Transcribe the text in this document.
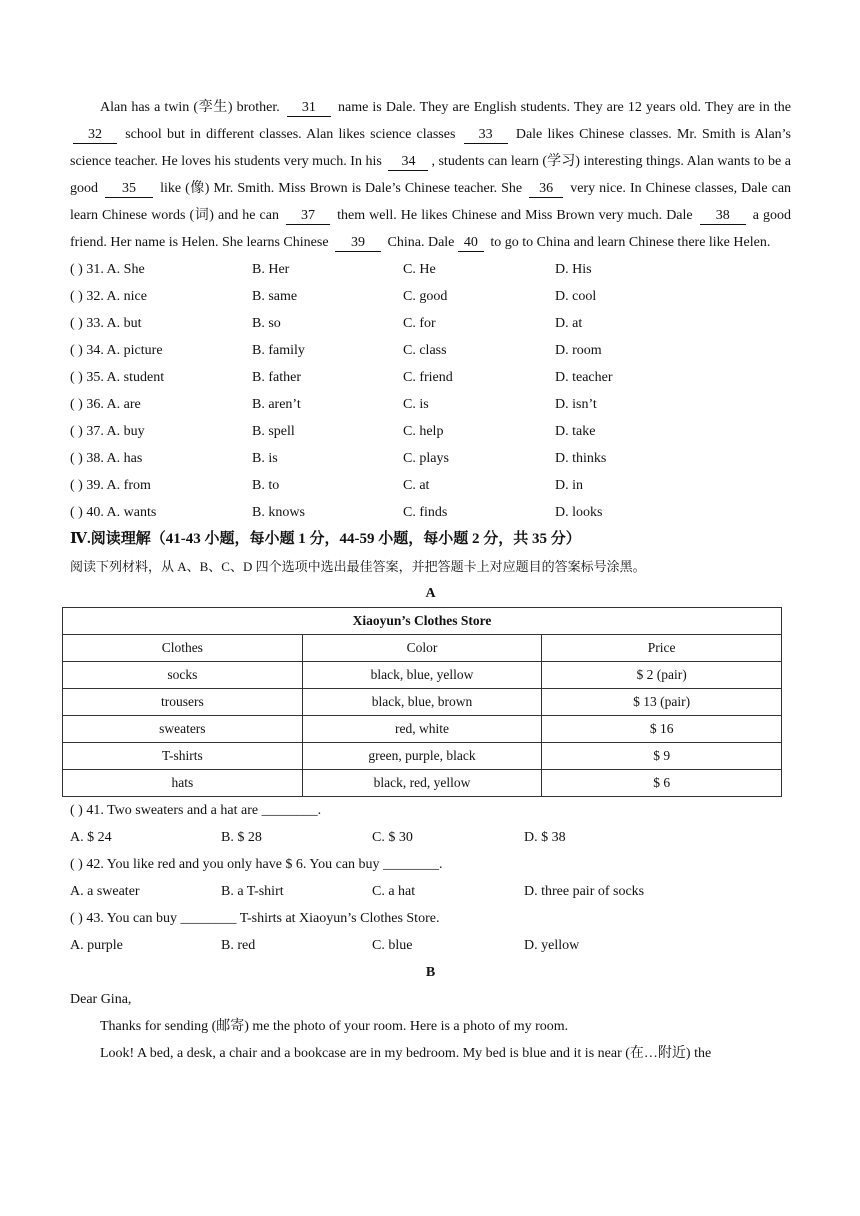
Alan has a twin (孪生) brother. 31 name is Dale. They are English students. They are 12 years old. They are in the 32 school but in different classes. Alan likes science classes 33 Dale likes Chinese classes. Mr. Smith is Alan’s science teacher. He loves his students very much. In his 34 , students can learn (学习) interesting things. Alan wants to be a good 35 like (像) Mr. Smith. Miss Brown is Dale’s Chinese teacher. She 36 very nice. In Chinese classes, Dale can learn Chinese words (词) and he can 37 them well. He likes Chinese and Miss Brown very much. Dale 38 a good friend. Her name is Helen. She learns Chinese 39 China. Dale 40 to go to China and learn Chinese there like Helen.

( ) 31. A. She	B. Her	C. He	D. His
( ) 32. A. nice	B. same	C. good	D. cool
( ) 33. A. but	B. so	C. for	D. at
( ) 34. A. picture	B. family	C. class	D. room
( ) 35. A. student	B. father	C. friend	D. teacher
( ) 36. A. are	B. aren’t	C. is	D. isn’t
( ) 37. A. buy	B. spell	C. help	D. take
( ) 38. A. has	B. is	C. plays	D. thinks
( ) 39. A. from	B. to	C. at	D. in
( ) 40. A. wants	B. knows	C. finds	D. looks
Ⅳ.阅读理解（41-43 小题，每小题 1 分，44-59 小题，每小题 2 分，共 35 分）
阅读下列材料，从 A、B、C、D 四个选项中选出最佳答案，并把答题卡上对应题目的答案标号涂黑。
A
Xiaoyun’s Clothes Store		
Clothes	Color	Price
socks	black, blue, yellow	$ 2 (pair)
trousers	black, blue, brown	$ 13 (pair)
sweaters	red, white	$ 16
T-shirts	green, purple, black	$ 9
hats	black, red, yellow	$ 6
( ) 41. Two sweaters and a hat are ________.
A. $ 24	B. $ 28	C. $ 30	D. $ 38
( ) 42. You like red and you only have $ 6. You can buy ________.
A. a sweater	B. a T-shirt	C. a hat	D. three pair of socks
( ) 43. You can buy ________ T-shirts at Xiaoyun’s Clothes Store.
A. purple	B. red	C. blue	D. yellow
B
Dear Gina,
Thanks for sending (邮寄) me the photo of your room. Here is a photo of my room.
Look! A bed, a desk, a chair and a bookcase are in my bedroom. My bed is blue and it is near (在…附近) the
